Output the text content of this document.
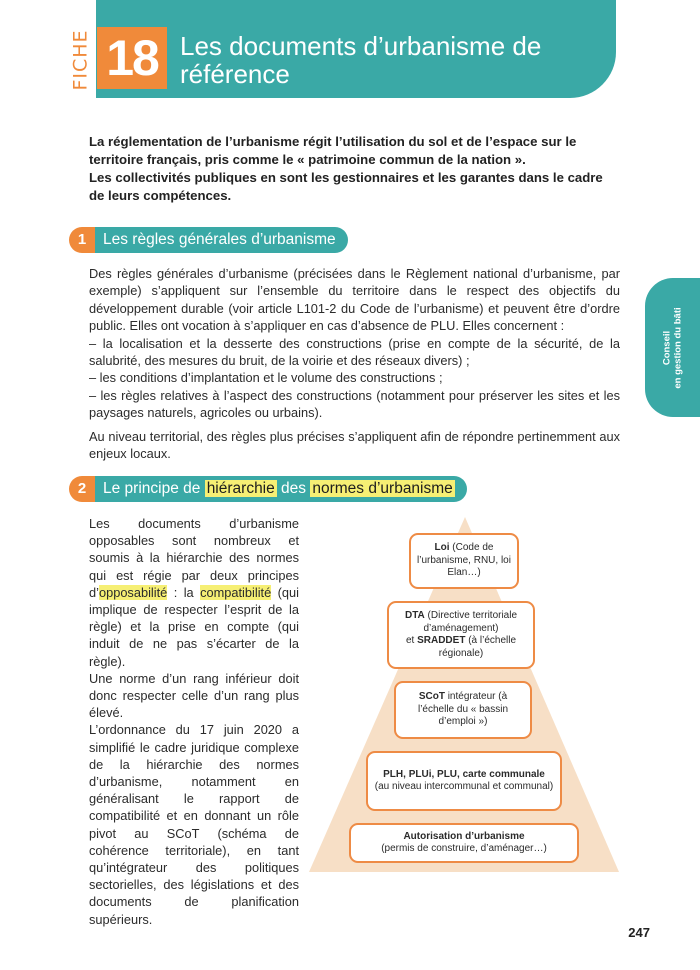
FICHE 18 Les documents d’urbanisme de référence

La réglementation de l’urbanisme régit l’utilisation du sol et de l’espace sur le territoire français, pris comme le « patrimoine commun de la nation ».

Les collectivités publiques en sont les gestionnaires et les garantes dans le cadre de leurs compétences.

1	Les règles générales d’urbanisme

Des règles générales d’urbanisme (précisées dans le Règlement national d’urbanisme, par exemple) s’appliquent sur l’ensemble du territoire dans le respect des objectifs du développement durable (voir article L101-2 du Code de l’urbanisme) et peuvent être d’ordre public. Elles ont vocation à s’appliquer en cas d’absence de PLU. Elles concernent :

– la localisation et la desserte des constructions (prise en compte de la sécurité, de la salubrité, des mesures du bruit, de la voirie et des réseaux divers) ;

– les conditions d’implantation et le volume des constructions ;

– les règles relatives à l’aspect des constructions (notamment pour préserver les sites et les paysages naturels, agricoles ou urbains).

Au niveau territorial, des règles plus précises s’appliquent afin de répondre pertinemment aux enjeux locaux.

Conseil en gestion du bâti
2	Le principe de hiérarchie des normes d’urbanisme

Les documents d’urbanisme opposables sont nombreux et soumis à la hiérarchie des normes qui est régie par deux principes d’opposabilité : la compatibilité (qui implique de respecter l’esprit de la règle) et la prise en compte (qui induit de ne pas s’écarter de la règle).

Une norme d’un rang inférieur doit donc respecter celle d’un rang plus élevé.

L’ordonnance du 17 juin 2020 a simplifié le cadre juridique complexe de la hiérarchie des normes d’urbanisme, notamment en généralisant le rapport de compatibilité et en donnant un rôle pivot au SCoT (schéma de cohérence territoriale), en tant qu’intégrateur des politiques sectorielles, des législations et des documents de planification supérieurs.

Loi (Code de l’urbanisme, RNU, loi Elan…)
DTA (Directive territoriale d’aménagement)
et SRADDET (à l’échelle régionale)
SCoT intégrateur (à l’échelle du « bassin d’emploi »)
PLH, PLUi, PLU, carte communale
(au niveau intercommunal et communal)
Autorisation d’urbanisme
(permis de construire, d’aménager…)
247
